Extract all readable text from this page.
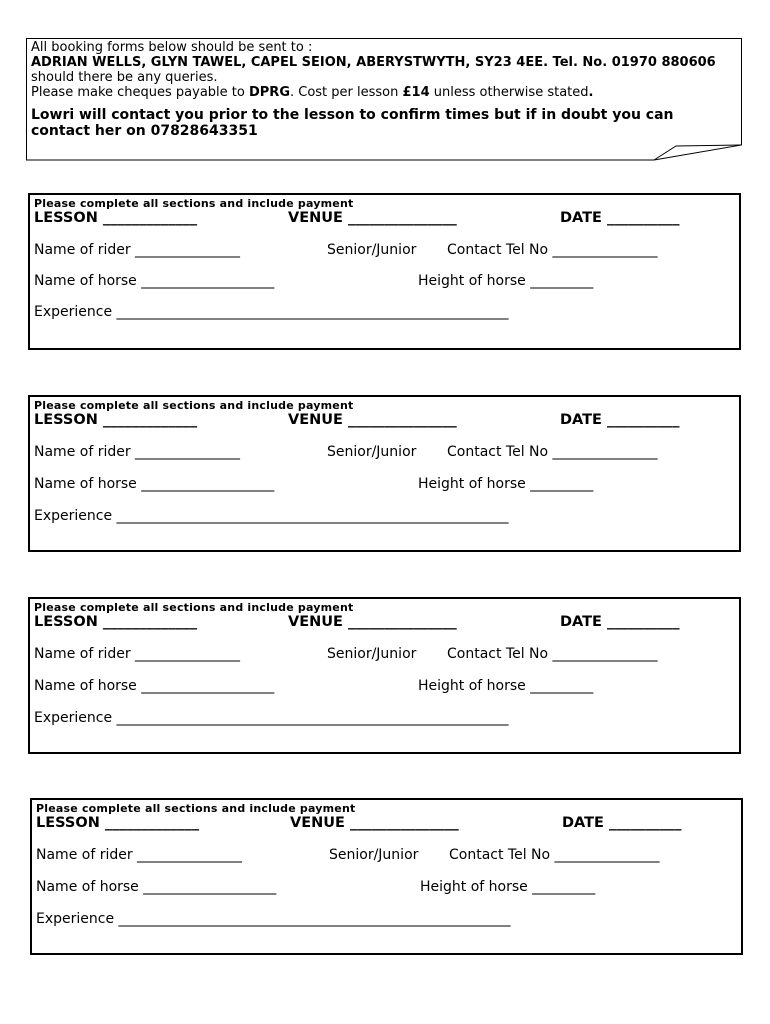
All booking forms below should be sent to :

ADRIAN WELLS, GLYN TAWEL, CAPEL SEION, ABERYSTWYTH, SY23 4EE. Tel. No. 01970 880606 should there be any queries.

Please make cheques payable to DPRG. Cost per lesson £14 unless otherwise stated.

Lowri will contact you prior to the lesson to confirm times but if in doubt you can contact her on 07828643351

Please complete all sections and include payment
LESSON _____________	VENUE _______________	DATE __________
Name of rider _______________	Senior/Junior Contact Tel No _______________
Name of horse ___________________	Height of horse _________
Experience ________________________________________________________
Please complete all sections and include payment
LESSON _____________	VENUE _______________	DATE __________
Name of rider _______________	Senior/Junior Contact Tel No _______________
Name of horse ___________________	Height of horse _________
Experience ________________________________________________________
Please complete all sections and include payment
LESSON _____________	VENUE _______________	DATE __________
Name of rider _______________	Senior/Junior Contact Tel No _______________
Name of horse ___________________	Height of horse _________
Experience ________________________________________________________
Please complete all sections and include payment
LESSON _____________	VENUE _______________	DATE __________
Name of rider _______________	Senior/Junior Contact Tel No _______________
Name of horse ___________________	Height of horse _________
Experience ________________________________________________________
